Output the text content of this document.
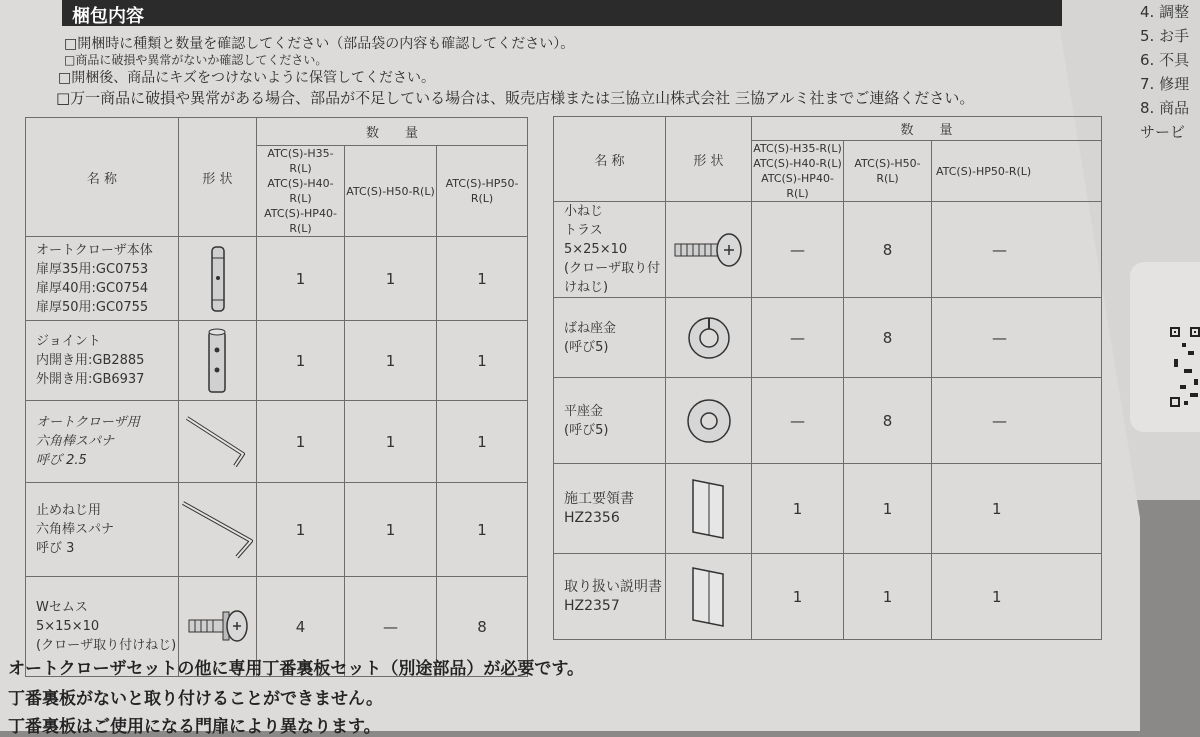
4. 調整
5. お手
6. 不具
7. 修理
8. 商品
サービ
梱包内容
□開梱時に種類と数量を確認してください（部品袋の内容も確認してください）。
□商品に破損や異常がないか確認してください。
□開梱後、商品にキズをつけないように保管してください。
□万一商品に破損や異常がある場合、部品が不足している場合は、販売店様または三協立山株式会社 三協アルミ社までご連絡ください。
名 称	形 状	数　　量		
		ATC(S)-H35-R(L)
ATC(S)-H40-R(L)
ATC(S)-HP40-R(L)	ATC(S)-H50-R(L)	ATC(S)-HP50-R(L)
オートクローザ本体
扉厚35用:GC0753
扉厚40用:GC0754
扉厚50用:GC0755		1	1	1
ジョイント
内開き用:GB2885
外開き用:GB6937		1	1	1
オートクローザ用
六角棒スパナ
呼び 2.5		1	1	1
止めねじ用
六角棒スパナ
呼び 3		1	1	1
Wセムス
5×15×10
(クローザ取り付けねじ)		4	—	8
名 称	形 状	数　　量		
		ATC(S)-H35-R(L)
ATC(S)-H40-R(L)
ATC(S)-HP40-R(L)	ATC(S)-H50-R(L)	ATC(S)-HP50-R(L)
小ねじ
トラス5×25×10
(クローザ取り付けねじ)		—	8	—
ばね座金
(呼び5)		—	8	—
平座金
(呼び5)		—	8	—
施工要領書
HZ2356		1	1	1
取り扱い説明書
HZ2357		1	1	1
オートクローザセットの他に専用丁番裏板セット（別途部品）が必要です。
丁番裏板がないと取り付けることができません。
丁番裏板はご使用になる門扉により異なります。
